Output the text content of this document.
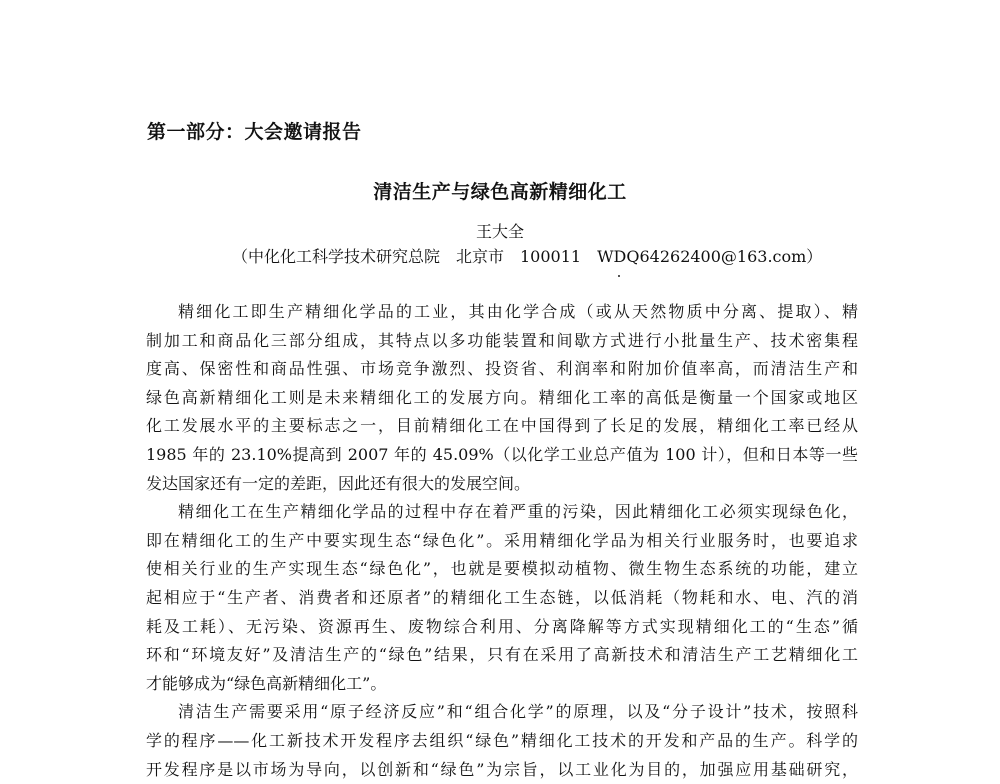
第一部分：大会邀请报告
清洁生产与绿色高新精细化工
王大全
（中化化工科学技术研究总院　北京市　100011　WDQ64262400@163.com）
精细化工即生产精细化学品的工业，其由化学合成（或从天然物质中分离、提取）、精
制加工和商品化三部分组成，其特点以多功能装置和间歇方式进行小批量生产、技术密集程
度高、保密性和商品性强、市场竞争激烈、投资省、利润率和附加价值率高，而清洁生产和
绿色高新精细化工则是未来精细化工的发展方向。精细化工率的高低是衡量一个国家或地区
化工发展水平的主要标志之一，目前精细化工在中国得到了长足的发展，精细化工率已经从
1985 年的 23.10%提高到 2007 年的 45.09%（以化学工业总产值为 100 计），但和日本等一些
发达国家还有一定的差距，因此还有很大的发展空间。
精细化工在生产精细化学品的过程中存在着严重的污染，因此精细化工必须实现绿色化，
即在精细化工的生产中要实现生态“绿色化”。采用精细化学品为相关行业服务时，也要追求
使相关行业的生产实现生态“绿色化”，也就是要模拟动植物、微生物生态系统的功能，建立
起相应于“生产者、消费者和还原者”的精细化工生态链，以低消耗（物耗和水、电、汽的消
耗及工耗）、无污染、资源再生、废物综合利用、分离降解等方式实现精细化工的“生态”循
环和“环境友好”及清洁生产的“绿色”结果，只有在采用了高新技术和清洁生产工艺精细化工
才能够成为“绿色高新精细化工”。
清洁生产需要采用“原子经济反应”和“组合化学”的原理，以及“分子设计”技术，按照科
学的程序——化工新技术开发程序去组织“绿色”精细化工技术的开发和产品的生产。科学的
开发程序是以市场为导向，以创新和“绿色”为宗旨，以工业化为目的，加强应用基础研究，
